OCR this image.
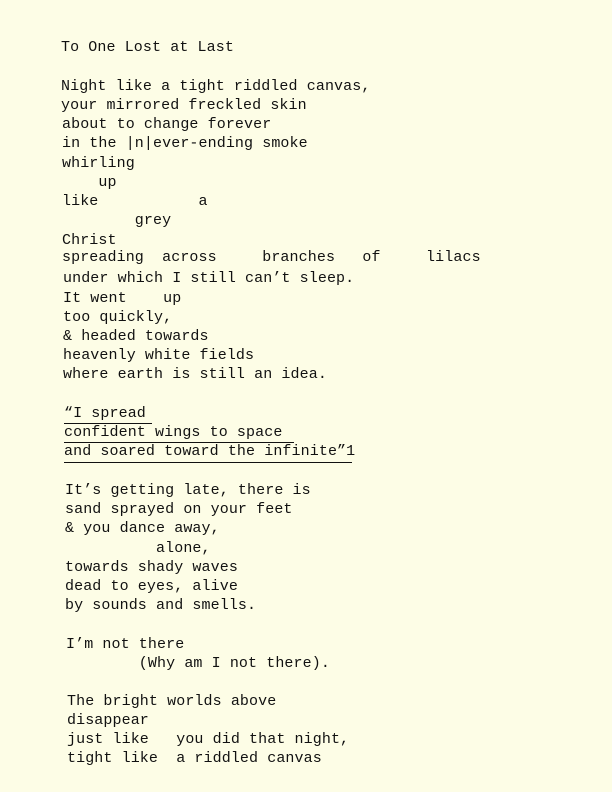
To One Lost at Last
Night like a tight riddled canvas,
your mirrored freckled skin
about to change forever
in the |n|ever-ending smoke
whirling
up
like           a
grey
Christ
spreading  across     branches   of     lilacs
under which I still can’t sleep.
It went    up
too quickly,
& headed towards
heavenly white fields
where earth is still an idea.
“I spread
confident wings to space
and soared toward the infinite”1
It’s getting late, there is
sand sprayed on your feet
& you dance away,
alone,
towards shady waves
dead to eyes, alive
by sounds and smells.
I’m not there
(Why am I not there).
The bright worlds above
disappear
just like   you did that night,
tight like  a riddled canvas
